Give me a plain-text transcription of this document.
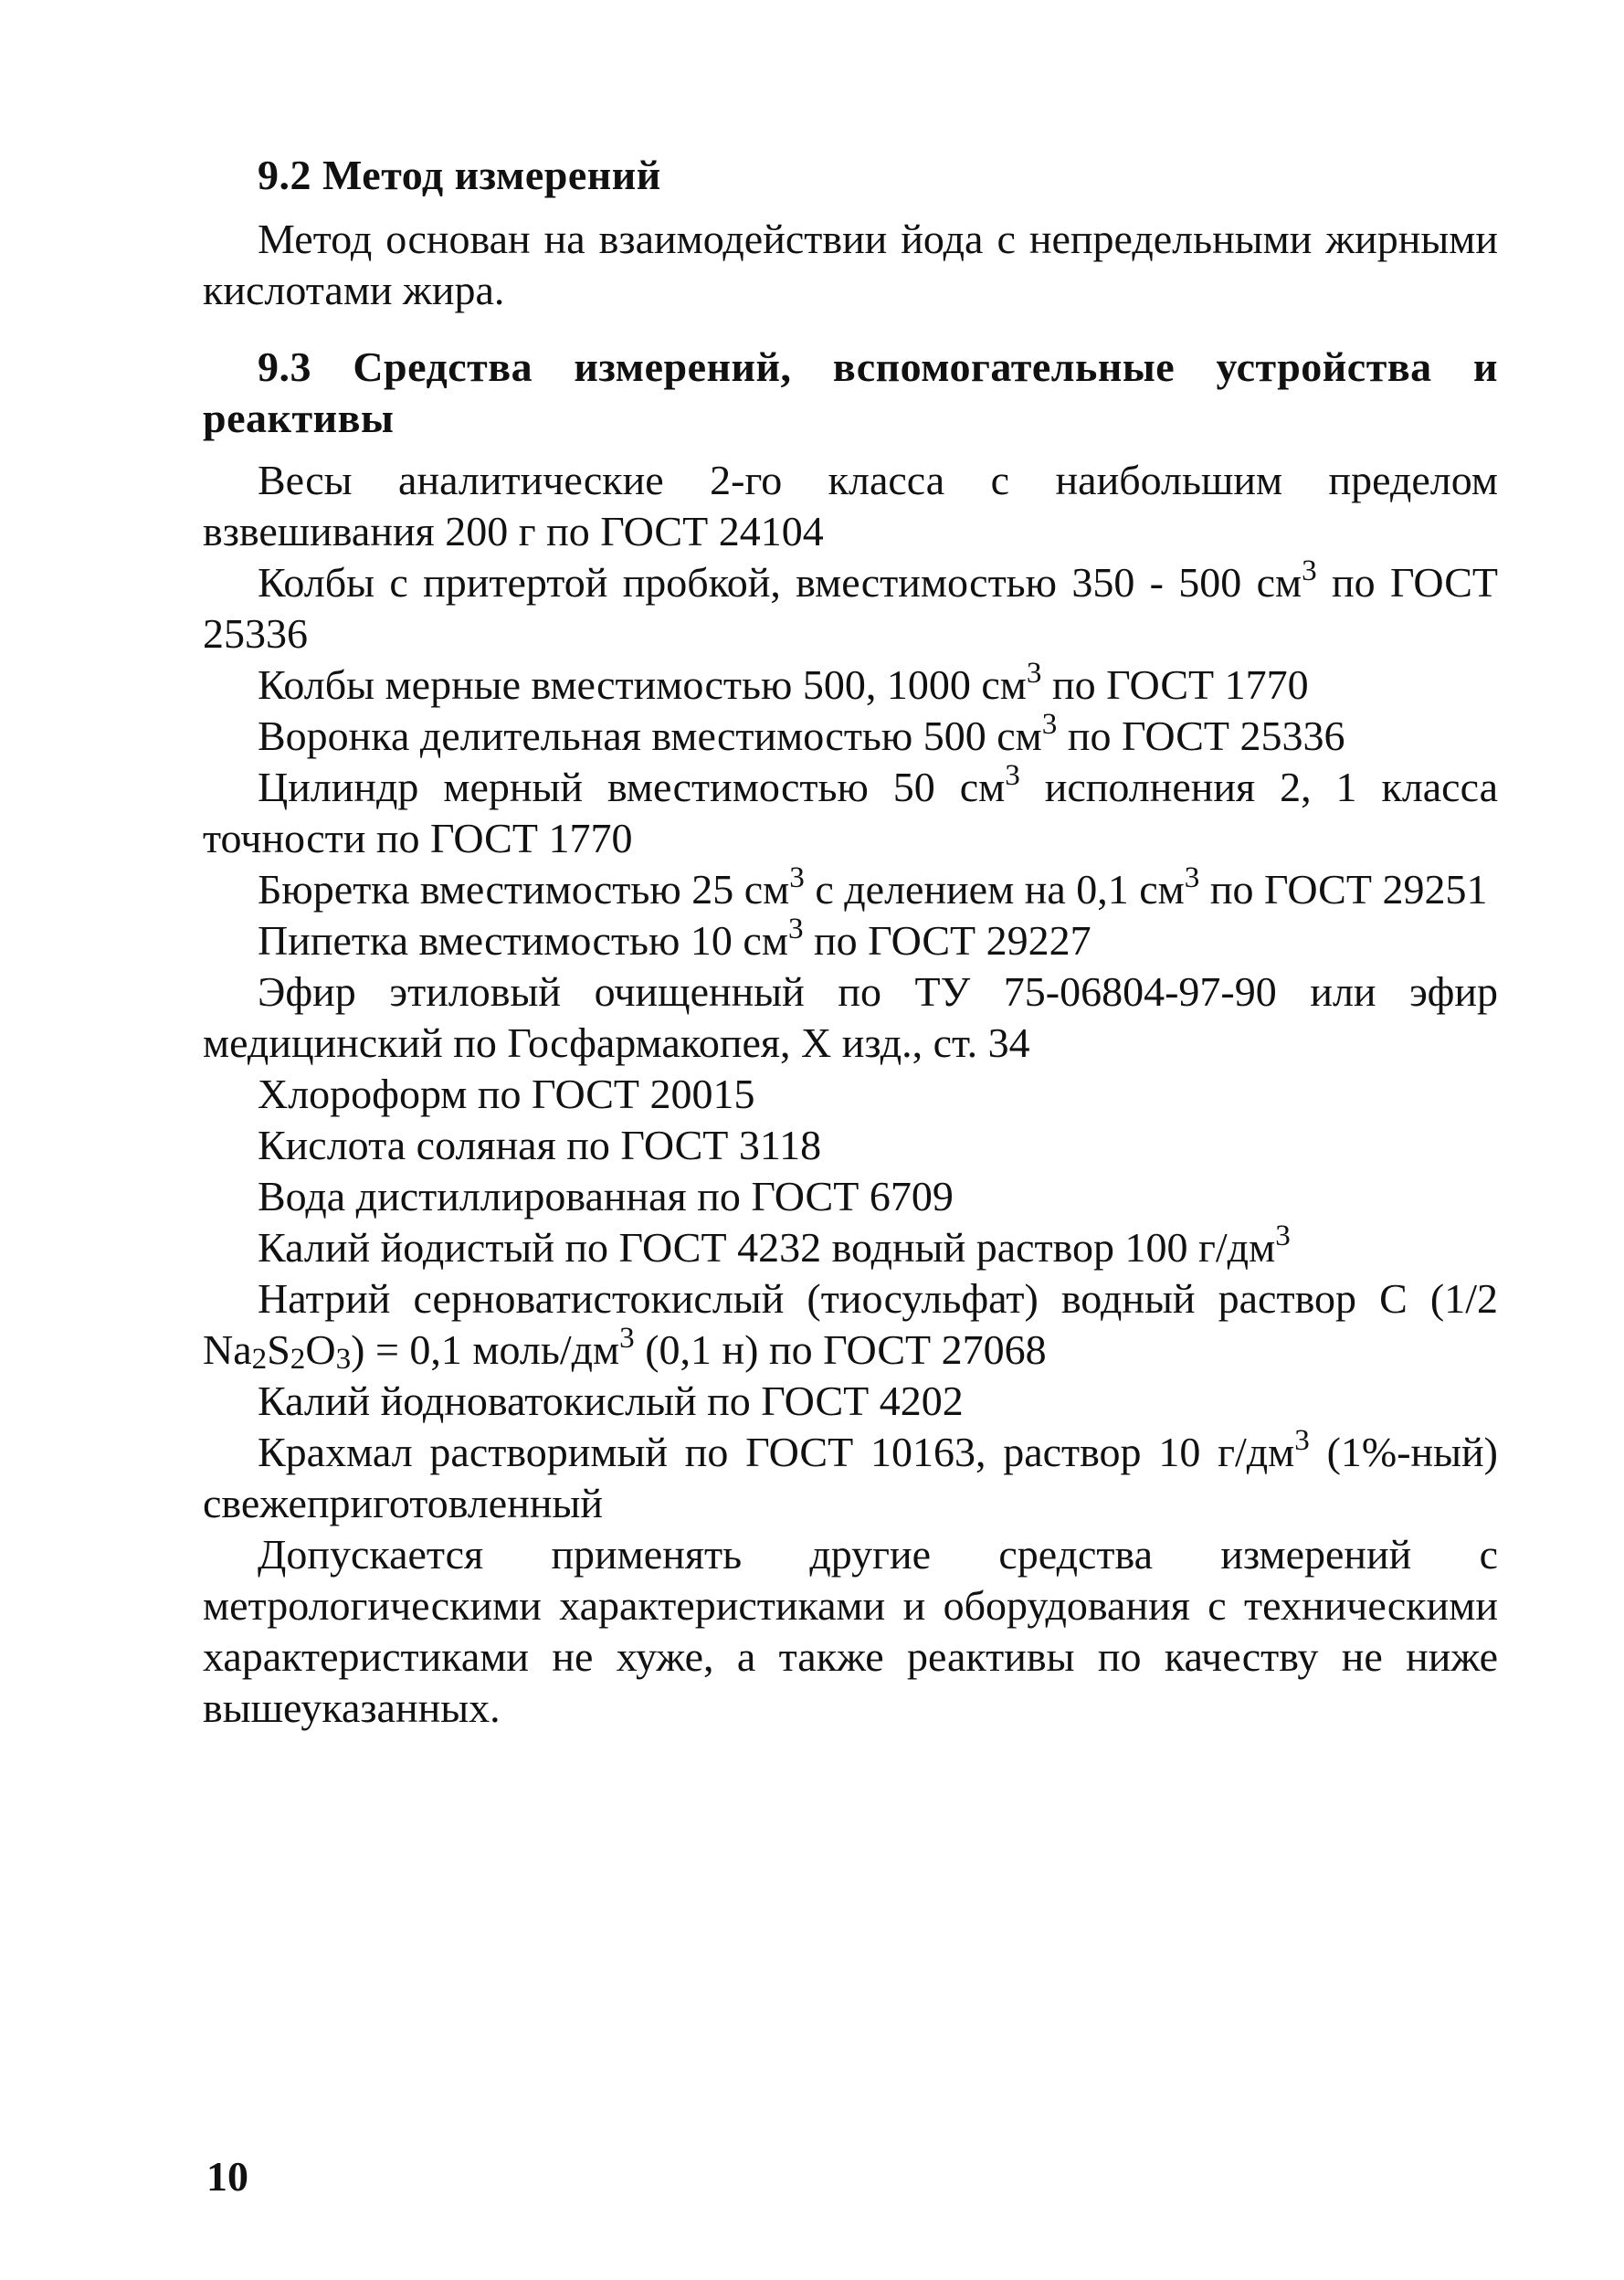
9.2 Метод измерений
Метод основан на взаимодействии йода с непредельными жирными кислотами жира.
9.3 Средства измерений, вспомогательные устройства и реактивы
Весы аналитические 2-го класса с наибольшим пределом взвешивания 200 г по ГОСТ 24104
Колбы с притертой пробкой, вместимостью 350 - 500 $см^3$ по ГОСТ 25336
Колбы мерные вместимостью 500, 1000 $см^3$ по ГОСТ 1770
Воронка делительная вместимостью 500 $см^3$ по ГОСТ 25336
Цилиндр мерный вместимостью 50 $см^3$ исполнения 2, 1 класса точности по ГОСТ 1770
Бюретка вместимостью 25 $см^3$ с делением на 0,1 $см^3$ по ГОСТ 29251
Пипетка вместимостью 10 $см^3$ по ГОСТ 29227
Эфир этиловый очищенный по ТУ 75-06804-97-90 или эфир медицинский по Госфармакопея, X изд., ст. 34
Хлороформ по ГОСТ 20015
Кислота соляная по ГОСТ 3118
Вода дистиллированная по ГОСТ 6709
Калий йодистый по ГОСТ 4232 водный раствор 100 $г/дм^3$
Натрий серноватистокислый (тиосульфат) водный раствор С (1/2 $Na_2S_2O_3) = 0,1$ моль/$дм^3$ (0,1 н) по ГОСТ 27068
Калий йодноватокислый по ГОСТ 4202
Крахмал растворимый по ГОСТ 10163, раствор 10 $г/дм^3$ (1%-ный) свежеприготовленный
Допускается применять другие средства измерений с метрологическими характеристиками и оборудования с техническими характеристиками не хуже, а также реактивы по качеству не ниже вышеуказанных.
10
